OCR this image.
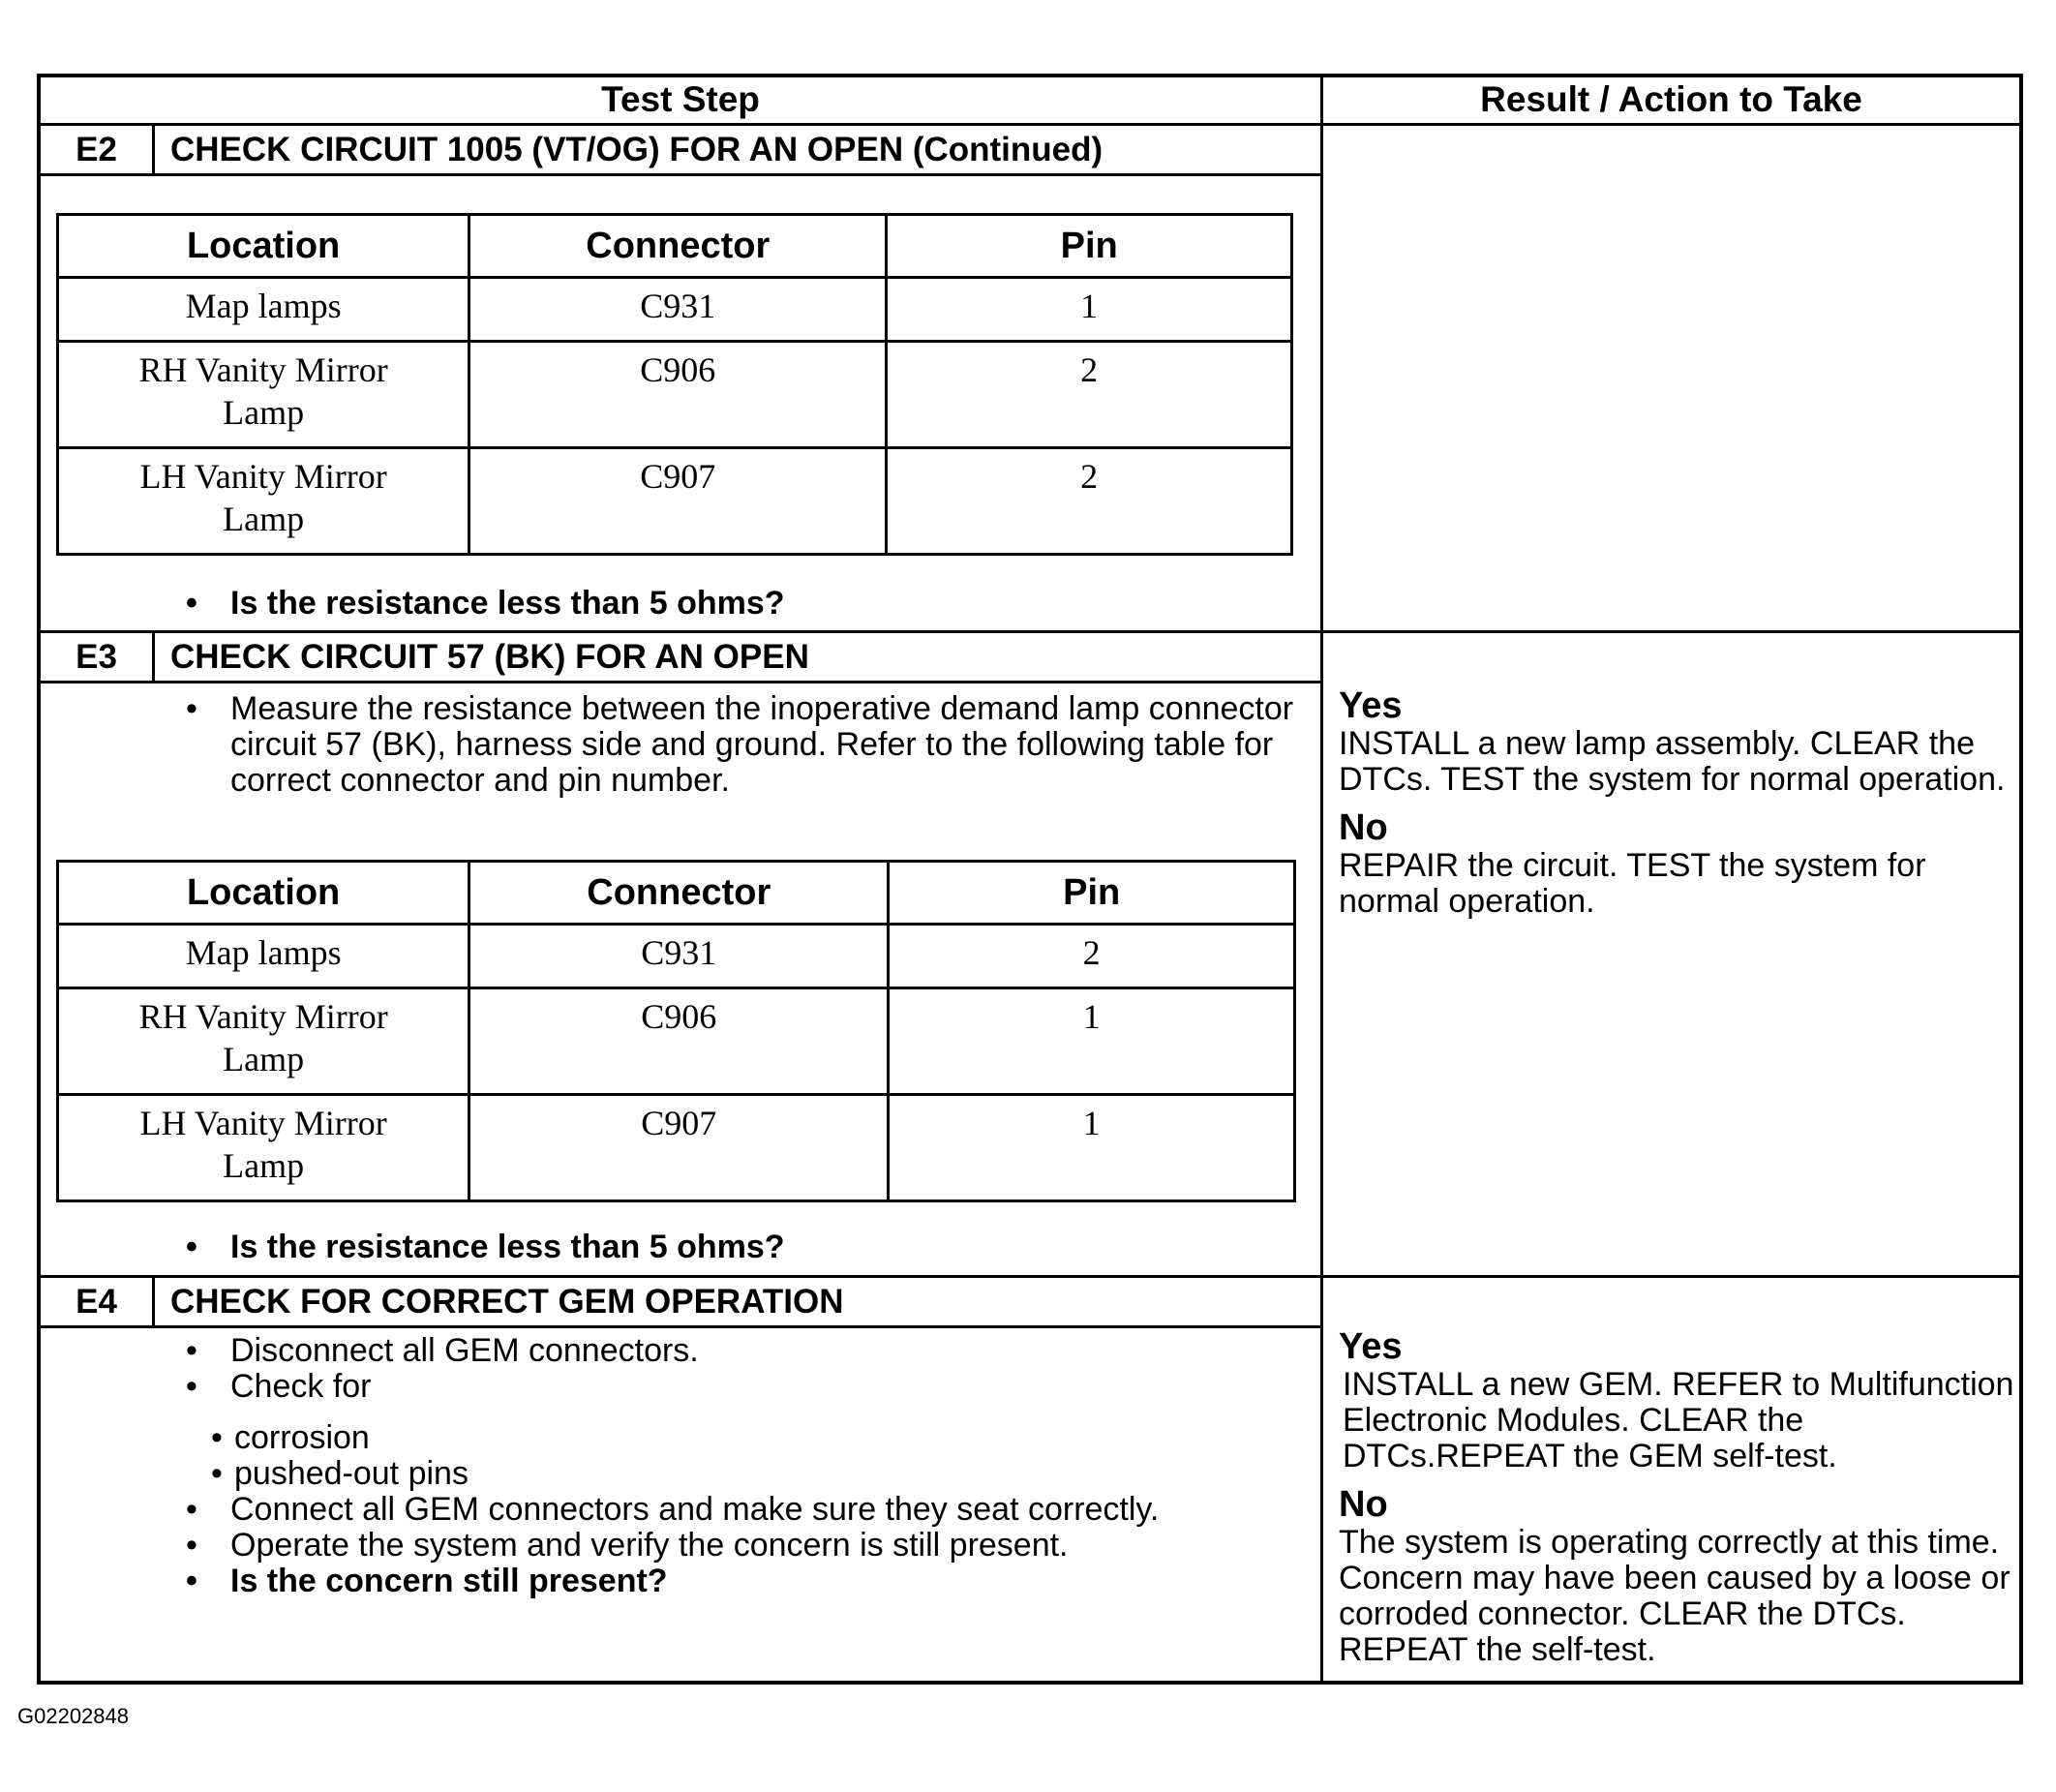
Test Step	Result / Action to Take
E2	CHECK CIRCUIT 1005 (VT/OG) FOR AN OPEN (Continued)
Location	Connector	Pin
Map lamps	C931	1
RH Vanity Mirror Lamp	C906	2
LH Vanity Mirror Lamp	C907	2
• Is the resistance less than 5 ohms?
E3	CHECK CIRCUIT 57 (BK) FOR AN OPEN
• Measure the resistance between the inoperative demand lamp connector circuit 57 (BK), harness side and ground. Refer to the following table for correct connector and pin number.
Location	Connector	Pin
Map lamps	C931	2
RH Vanity Mirror Lamp	C906	1
LH Vanity Mirror Lamp	C907	1
• Is the resistance less than 5 ohms?
Yes
INSTALL a new lamp assembly. CLEAR the DTCs. TEST the system for normal operation.
No
REPAIR the circuit. TEST the system for normal operation.
E4	CHECK FOR CORRECT GEM OPERATION
• Disconnect all GEM connectors.
• Check for
• corrosion
• pushed-out pins
• Connect all GEM connectors and make sure they seat correctly.
• Operate the system and verify the concern is still present.
• Is the concern still present?
Yes
INSTALL a new GEM. REFER to Multifunction Electronic Modules. CLEAR the DTCs.REPEAT the GEM self-test.
No
The system is operating correctly at this time. Concern may have been caused by a loose or corroded connector. CLEAR the DTCs. REPEAT the self-test.
G02202848
